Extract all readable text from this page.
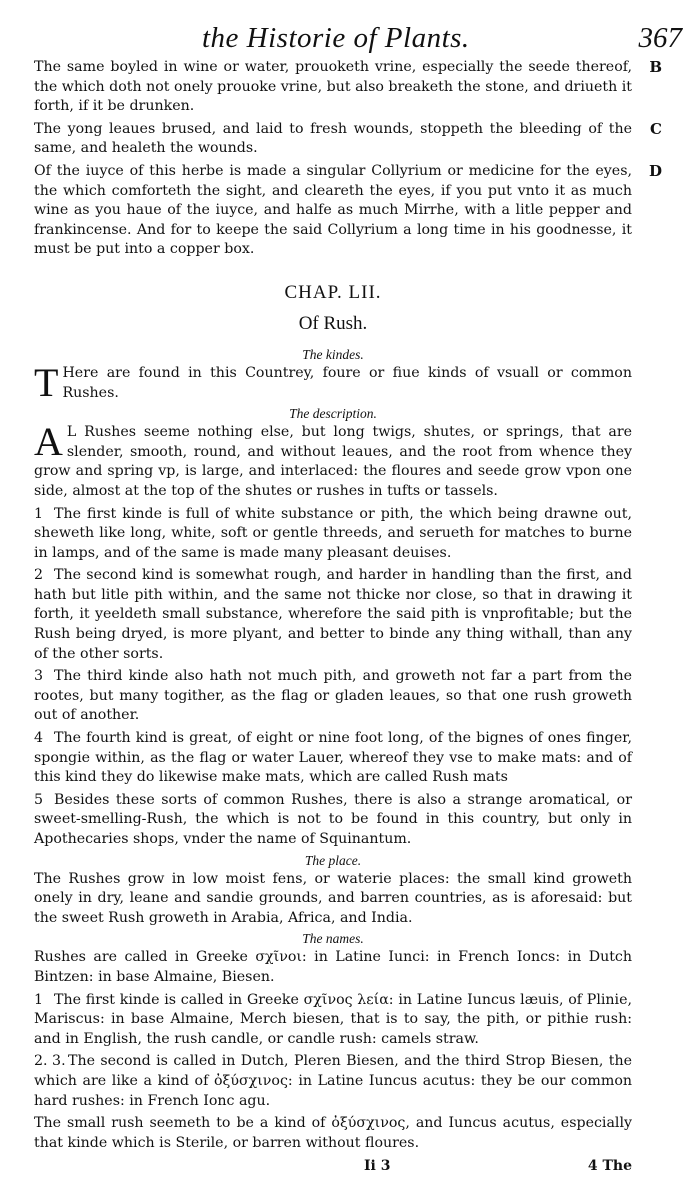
the Historie of Plants.	367

The same boyled in wine or water, prouoketh vrine, especially the seede thereof, the which doth not onely prouoke vrine, but also breaketh the stone, and driueth it forth, if it be drunken.

B

The yong leaues brused, and laid to fresh wounds, stoppeth the bleeding of the same, and healeth the wounds.

C

Of the iuyce of this herbe is made a singular Collyrium or medicine for the eyes, the which comforteth the sight, and cleareth the eyes, if you put vnto it as much wine as you haue of the iuyce, and halfe as much Mirrhe, with a litle pepper and frankincense. And for to keepe the said Collyrium a long time in his goodnesse, it must be put into a copper box.

D
CHAP. LII.
Of Rush.
The kindes.

T Here are found in this Countrey, foure or fiue kinds of vsuall or common Rushes.

The description.

A L Rushes seeme nothing else, but long twigs, shutes, or springs, that are slender, smooth, round, and without leaues, and the root from whence they grow and spring vp, is large, and interlaced: the floures and seede grow vpon one side, almost at the top of the shutes or rushes in tufts or tassels.

1 The first kinde is full of white substance or pith, the which being drawne out, sheweth like long, white, soft or gentle threeds, and serueth for matches to burne in lamps, and of the same is made many pleasant deuises.

2 The second kind is somewhat rough, and harder in handling than the first, and hath but litle pith within, and the same not thicke nor close, so that in drawing it forth, it yeeldeth small substance, wherefore the said pith is vnprofitable; but the Rush being dryed, is more plyant, and better to binde any thing withall, than any of the other sorts.

3 The third kinde also hath not much pith, and groweth not far a part from the rootes, but many togither, as the flag or gladen leaues, so that one rush groweth out of another.

4 The fourth kind is great, of eight or nine foot long, of the bignes of ones finger, spongie within, as the flag or water Lauer, whereof they vse to make mats: and of this kind they do likewise make mats, which are called Rush mats

5 Besides these sorts of common Rushes, there is also a strange aromatical, or sweet-smelling-Rush, the which is not to be found in this country, but only in Apothecaries shops, vnder the name of Squinantum.

The place.

The Rushes grow in low moist fens, or waterie places: the small kind groweth onely in dry, leane and sandie grounds, and barren countries, as is aforesaid: but the sweet Rush groweth in Arabia, Africa, and India.

The names.

Rushes are called in Greeke σχῖνοι: in Latine Iunci: in French Ioncs: in Dutch Bintzen: in base Almaine, Biesen.

1 The first kinde is called in Greeke σχῖνος λεία: in Latine Iuncus læuis, of Plinie, Mariscus: in base Almaine, Merch biesen, that is to say, the pith, or pithie rush: and in English, the rush candle, or candle rush: camels straw.

2. 3. The second is called in Dutch, Pleren Biesen, and the third Strop Biesen, the which are like a kind of ὀξύσχινος: in Latine Iuncus acutus: they be our common hard rushes: in French Ionc agu.

The small rush seemeth to be a kind of ὀξύσχινος, and Iuncus acutus, especially that kinde which is Sterile, or barren without floures.

Ii 3	4 The
